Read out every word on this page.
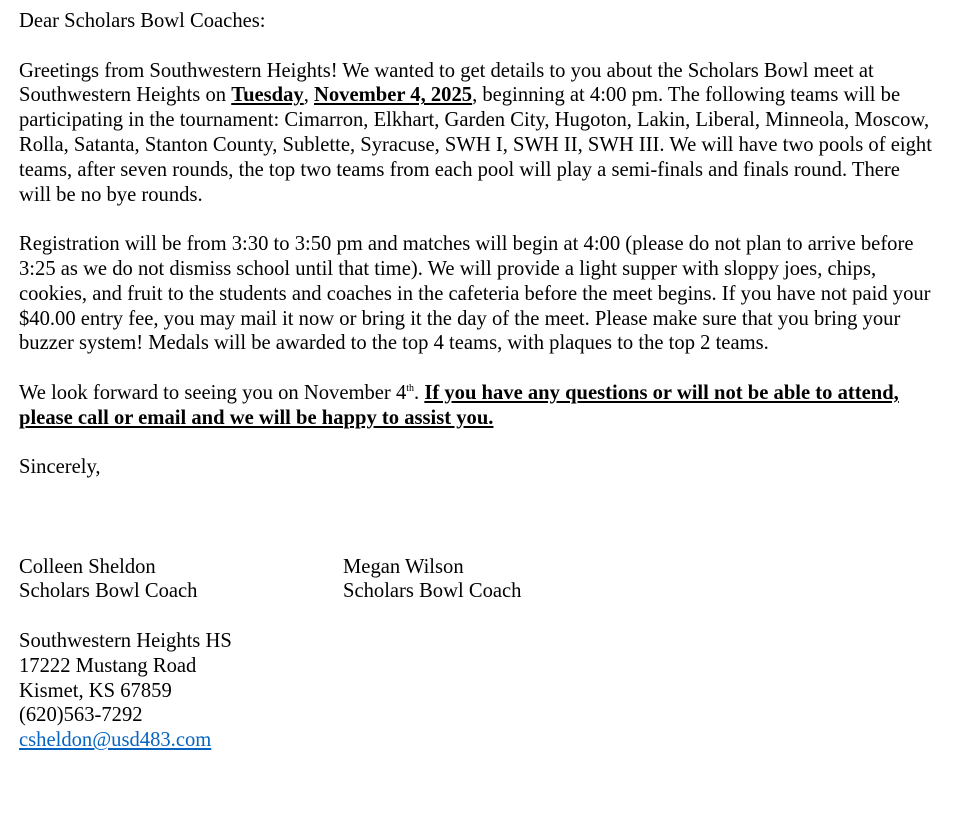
Dear Scholars Bowl Coaches:

Greetings from Southwestern Heights! We wanted to get details to you about the Scholars Bowl meet at Southwestern Heights on Tuesday, November 4, 2025, beginning at 4:00 pm. The following teams will be participating in the tournament: Cimarron, Elkhart, Garden City, Hugoton, Lakin, Liberal, Minneola, Moscow, Rolla, Satanta, Stanton County, Sublette, Syracuse, SWH I, SWH II, SWH III. We will have two pools of eight teams, after seven rounds, the top two teams from each pool will play a semi-finals and finals round. There will be no bye rounds.

Registration will be from 3:30 to 3:50 pm and matches will begin at 4:00 (please do not plan to arrive before 3:25 as we do not dismiss school until that time). We will provide a light supper with sloppy joes, chips, cookies, and fruit to the students and coaches in the cafeteria before the meet begins. If you have not paid your $40.00 entry fee, you may mail it now or bring it the day of the meet. Please make sure that you bring your buzzer system! Medals will be awarded to the top 4 teams, with plaques to the top 2 teams.

We look forward to seeing you on November 4th. If you have any questions or will not be able to attend, please call or email and we will be happy to assist you.

Sincerely,

Colleen Sheldon
Scholars Bowl Coach
Megan Wilson
Scholars Bowl Coach
Southwestern Heights HS
17222 Mustang Road
Kismet, KS 67859
(620)563-7292
csheldon@usd483.com
